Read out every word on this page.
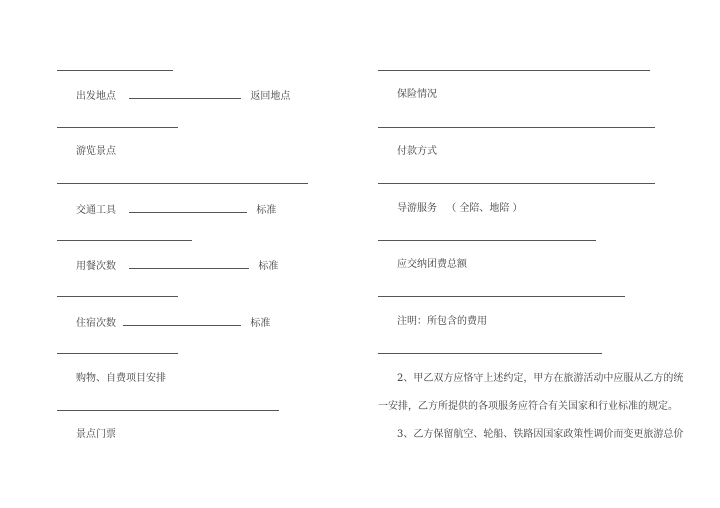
出发地点	返回地点
游览景点
交通工具	标准
用餐次数	标准
住宿次数	标准
购物、自费项目安排
景点门票
保险情况
付款方式
导游服务 （ 全陪、地陪 ）
应交纳团费总额
注明：所包含的费用
2、甲乙双方应恪守上述约定，甲方在旅游活动中应服从乙方的统
一安排，乙方所提供的各项服务应符合有关国家和行业标准的规定。
3、乙方保留航空、轮船、铁路因国家政策性调价而变更旅游总价
